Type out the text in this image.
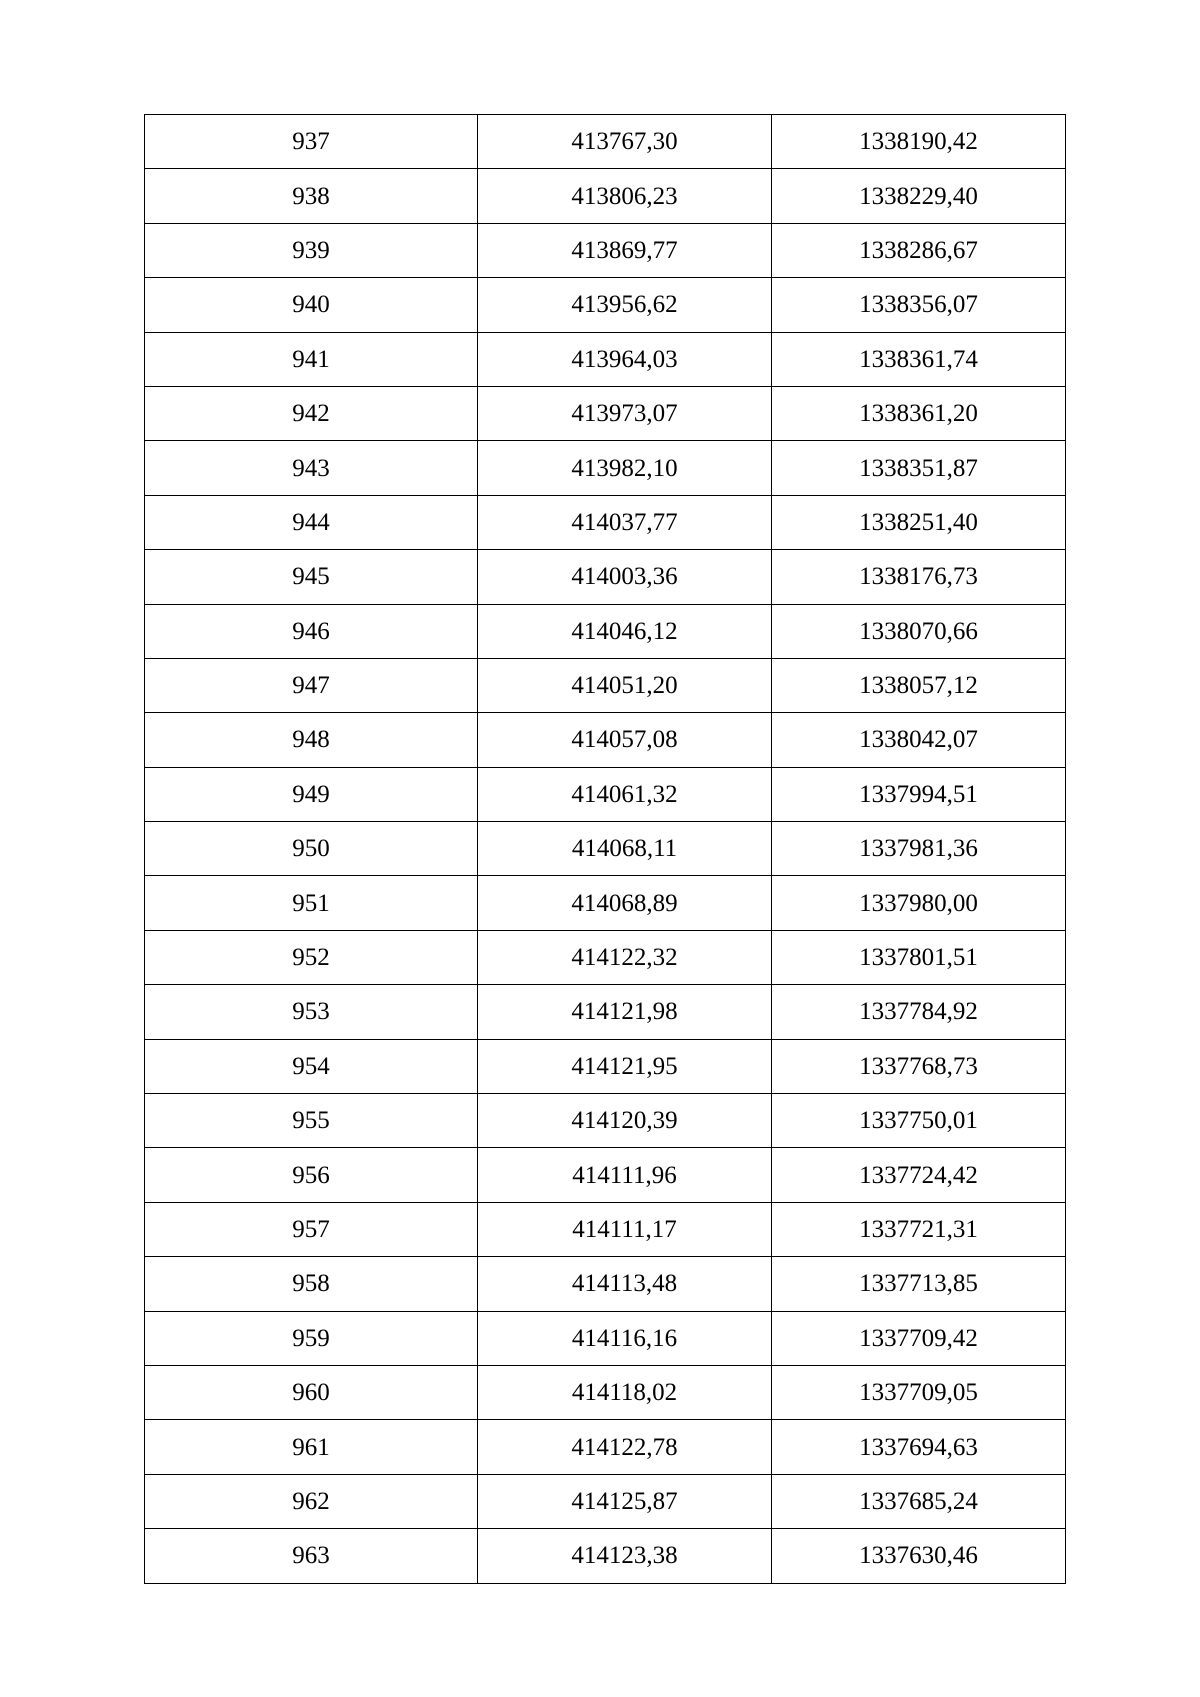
937	413767,30	1338190,42
938	413806,23	1338229,40
939	413869,77	1338286,67
940	413956,62	1338356,07
941	413964,03	1338361,74
942	413973,07	1338361,20
943	413982,10	1338351,87
944	414037,77	1338251,40
945	414003,36	1338176,73
946	414046,12	1338070,66
947	414051,20	1338057,12
948	414057,08	1338042,07
949	414061,32	1337994,51
950	414068,11	1337981,36
951	414068,89	1337980,00
952	414122,32	1337801,51
953	414121,98	1337784,92
954	414121,95	1337768,73
955	414120,39	1337750,01
956	414111,96	1337724,42
957	414111,17	1337721,31
958	414113,48	1337713,85
959	414116,16	1337709,42
960	414118,02	1337709,05
961	414122,78	1337694,63
962	414125,87	1337685,24
963	414123,38	1337630,46
